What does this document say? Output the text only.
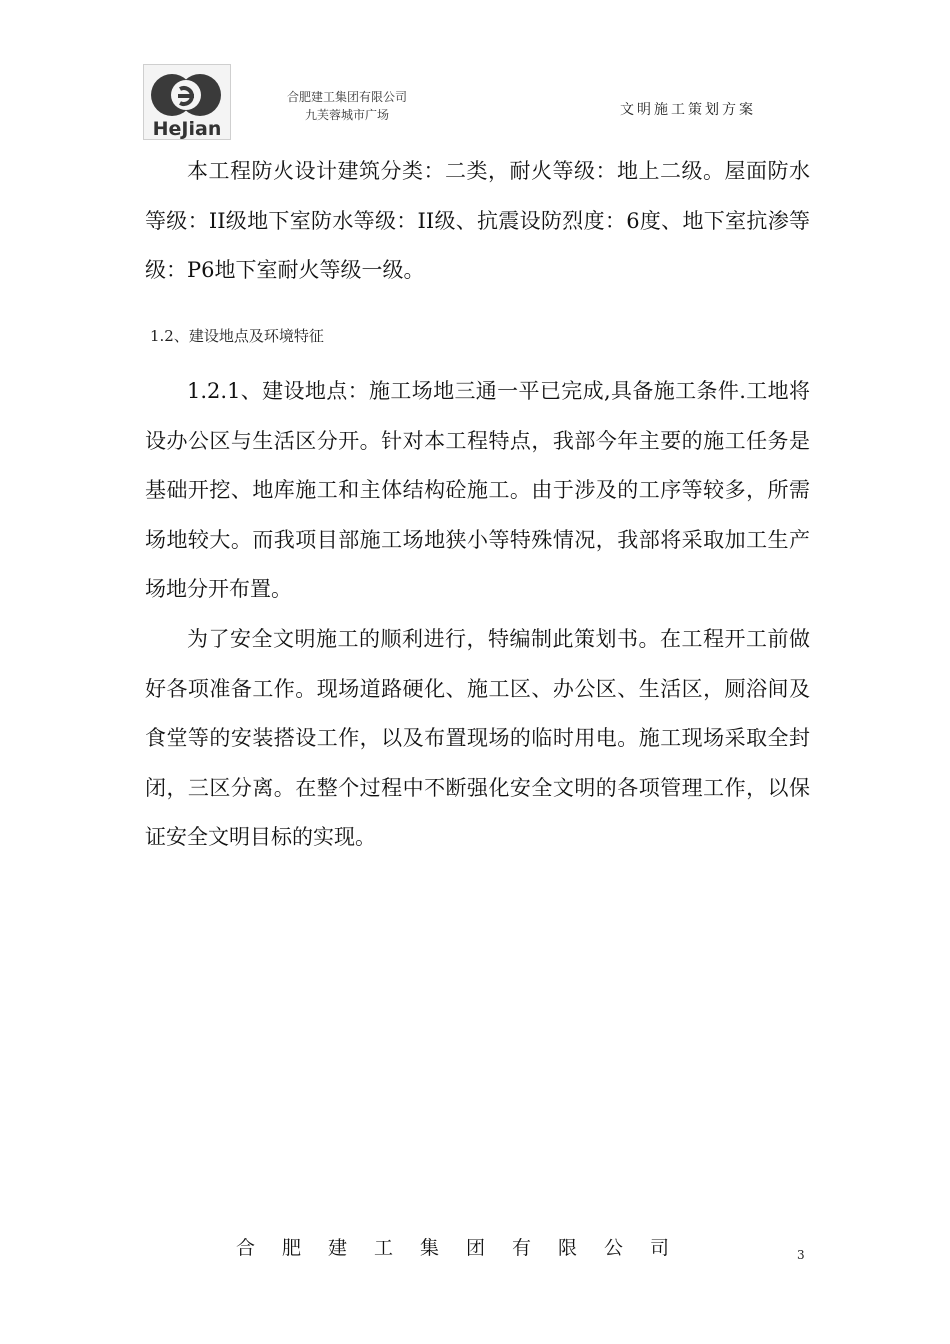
HeJian
合肥建工集团有限公司
九芙蓉城市广场	文明施工策划方案

本工程防火设计建筑分类：二类，耐火等级：地上二级。屋面防水等级：II级地下室防水等级：II级、抗震设防烈度：6度、地下室抗渗等级：P6地下室耐火等级一级。

1.2、建设地点及环境特征

1.2.1、建设地点：施工场地三通一平已完成,具备施工条件.工地将设办公区与生活区分开。针对本工程特点，我部今年主要的施工任务是基础开挖、地库施工和主体结构砼施工。由于涉及的工序等较多，所需场地较大。而我项目部施工场地狭小等特殊情况，我部将采取加工生产场地分开布置。

为了安全文明施工的顺利进行，特编制此策划书。在工程开工前做好各项准备工作。现场道路硬化、施工区、办公区、生活区，厕浴间及食堂等的安装搭设工作，以及布置现场的临时用电。施工现场采取全封闭，三区分离。在整个过程中不断强化安全文明的各项管理工作，以保证安全文明目标的实现。

合肥建工集团有限公司	3
